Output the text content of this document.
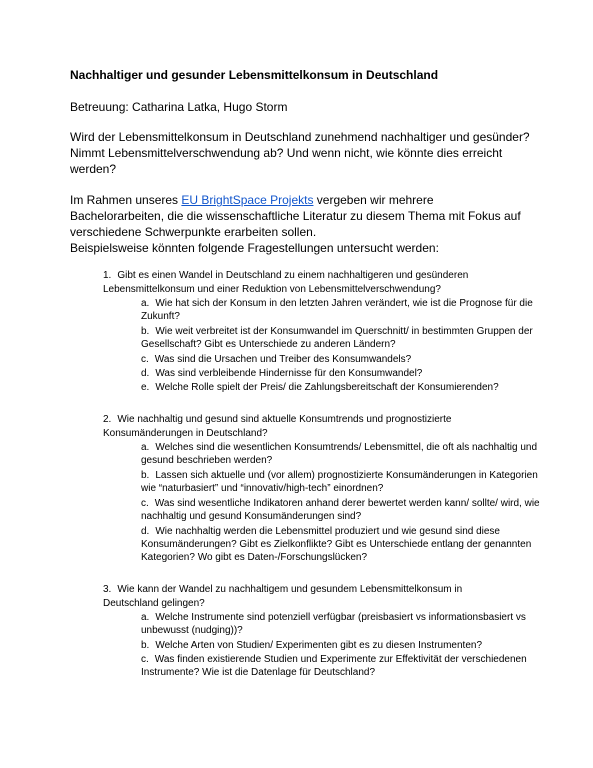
Nachhaltiger und gesunder Lebensmittelkonsum in Deutschland
Betreuung: Catharina Latka, Hugo Storm
Wird der Lebensmittelkonsum in Deutschland zunehmend nachhaltiger und gesünder? Nimmt Lebensmittelverschwendung ab? Und wenn nicht, wie könnte dies erreicht werden?
Im Rahmen unseres EU BrightSpace Projekts vergeben wir mehrere Bachelorarbeiten, die die wissenschaftliche Literatur zu diesem Thema mit Fokus auf verschiedene Schwerpunkte erarbeiten sollen.
Beispielsweise könnten folgende Fragestellungen untersucht werden:
1. Gibt es einen Wandel in Deutschland zu einem nachhaltigeren und gesünderen
Lebensmittelkonsum und einer Reduktion von Lebensmittelverschwendung?
a. Wie hat sich der Konsum in den letzten Jahren verändert, wie ist die Prognose für die Zukunft?
b. Wie weit verbreitet ist der Konsumwandel im Querschnitt/ in bestimmten Gruppen der Gesellschaft? Gibt es Unterschiede zu anderen Ländern?
c. Was sind die Ursachen und Treiber des Konsumwandels?
d. Was sind verbleibende Hindernisse für den Konsumwandel?
e. Welche Rolle spielt der Preis/ die Zahlungsbereitschaft der Konsumierenden?
2. Wie nachhaltig und gesund sind aktuelle Konsumtrends und prognostizierte
Konsumänderungen in Deutschland?
a. Welches sind die wesentlichen Konsumtrends/ Lebensmittel, die oft als nachhaltig und gesund beschrieben werden?
b. Lassen sich aktuelle und (vor allem) prognostizierte Konsumänderungen in Kategorien wie “naturbasiert” und “innovativ/high-tech” einordnen?
c. Was sind wesentliche Indikatoren anhand derer bewertet werden kann/ sollte/ wird, wie nachhaltig und gesund Konsumänderungen sind?
d. Wie nachhaltig werden die Lebensmittel produziert und wie gesund sind diese Konsumänderungen? Gibt es Zielkonflikte? Gibt es Unterschiede entlang der genannten Kategorien? Wo gibt es Daten-/Forschungslücken?
3. Wie kann der Wandel zu nachhaltigem und gesundem Lebensmittelkonsum in
Deutschland gelingen?
a. Welche Instrumente sind potenziell verfügbar (preisbasiert vs informationsbasiert vs unbewusst (nudging))?
b. Welche Arten von Studien/ Experimenten gibt es zu diesen Instrumenten?
c. Was finden existierende Studien und Experimente zur Effektivität der verschiedenen Instrumente? Wie ist die Datenlage für Deutschland?
